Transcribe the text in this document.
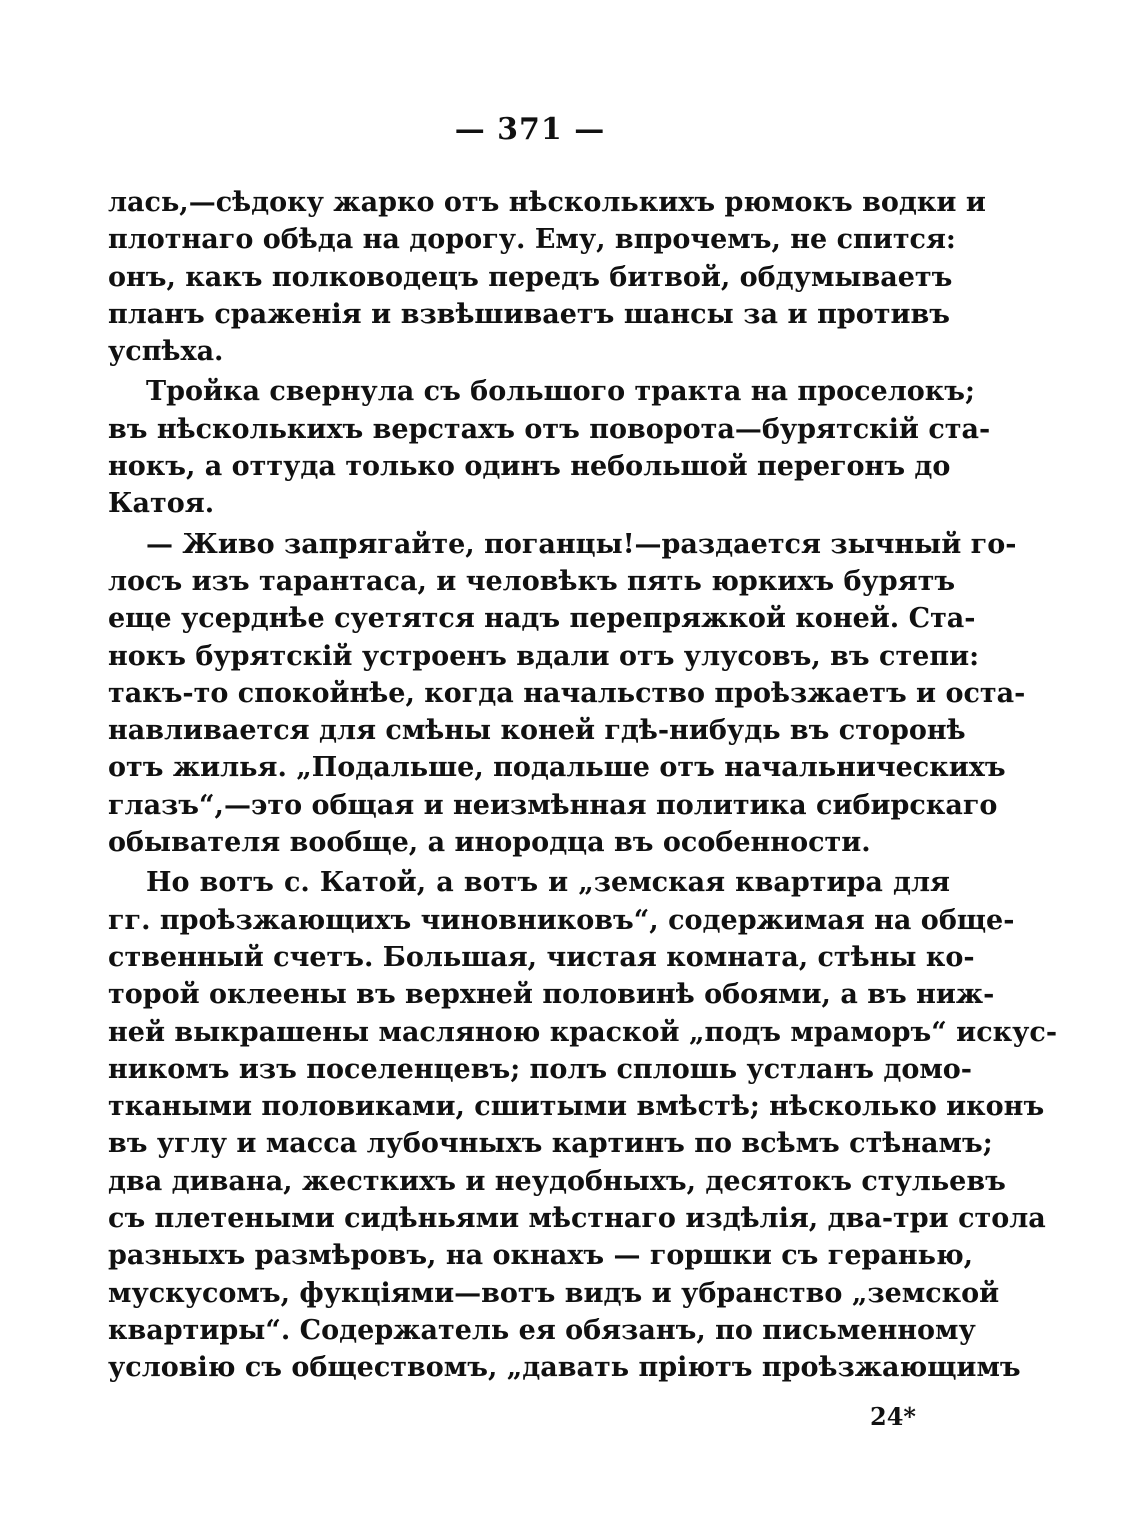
— 371 —
лась,—сѣдоку жарко отъ нѣсколькихъ рюмокъ водки и
плотнаго обѣда на дорогу. Ему, впрочемъ, не спится:
онъ, какъ полководецъ передъ битвой, обдумываетъ
планъ сраженія и взвѣшиваетъ шансы за и противъ
успѣха.
Тройка свернула съ большого тракта на проселокъ;
въ нѣсколькихъ верстахъ отъ поворота—бурятскій ста-
нокъ, а оттуда только одинъ небольшой перегонъ до
Катоя.
— Живо запрягайте, поганцы!—раздается зычный го-
лосъ изъ тарантаса, и человѣкъ пять юркихъ бурятъ
еще усерднѣе суетятся надъ перепряжкой коней. Ста-
нокъ бурятскій устроенъ вдали отъ улусовъ, въ степи:
такъ-то спокойнѣе, когда начальство проѣзжаетъ и оста-
навливается для смѣны коней гдѣ-нибудь въ сторонѣ
отъ жилья. „Подальше, подальше отъ начальническихъ
глазъ“,—это общая и неизмѣнная политика сибирскаго
обывателя вообще, а инородца въ особенности.
Но вотъ с. Катой, а вотъ и „земская квартира для
гг. проѣзжающихъ чиновниковъ“, содержимая на обще-
ственный счетъ. Большая, чистая комната, стѣны ко-
торой оклеены въ верхней половинѣ обоями, а въ ниж-
ней выкрашены масляною краской „подъ мраморъ“ искус-
никомъ изъ поселенцевъ; полъ сплошь устланъ домо-
ткаными половиками, сшитыми вмѣстѣ; нѣсколько иконъ
въ углу и масса лубочныхъ картинъ по всѣмъ стѣнамъ;
два дивана, жесткихъ и неудобныхъ, десятокъ стульевъ
съ плетеными сидѣньями мѣстнаго издѣлія, два-три стола
разныхъ размѣровъ, на окнахъ — горшки съ геранью,
мускусомъ, фукціями—вотъ видъ и убранство „земской
квартиры“. Содержатель ея обязанъ, по письменному
условію съ обществомъ, „давать пріютъ проѣзжающимъ
24*
